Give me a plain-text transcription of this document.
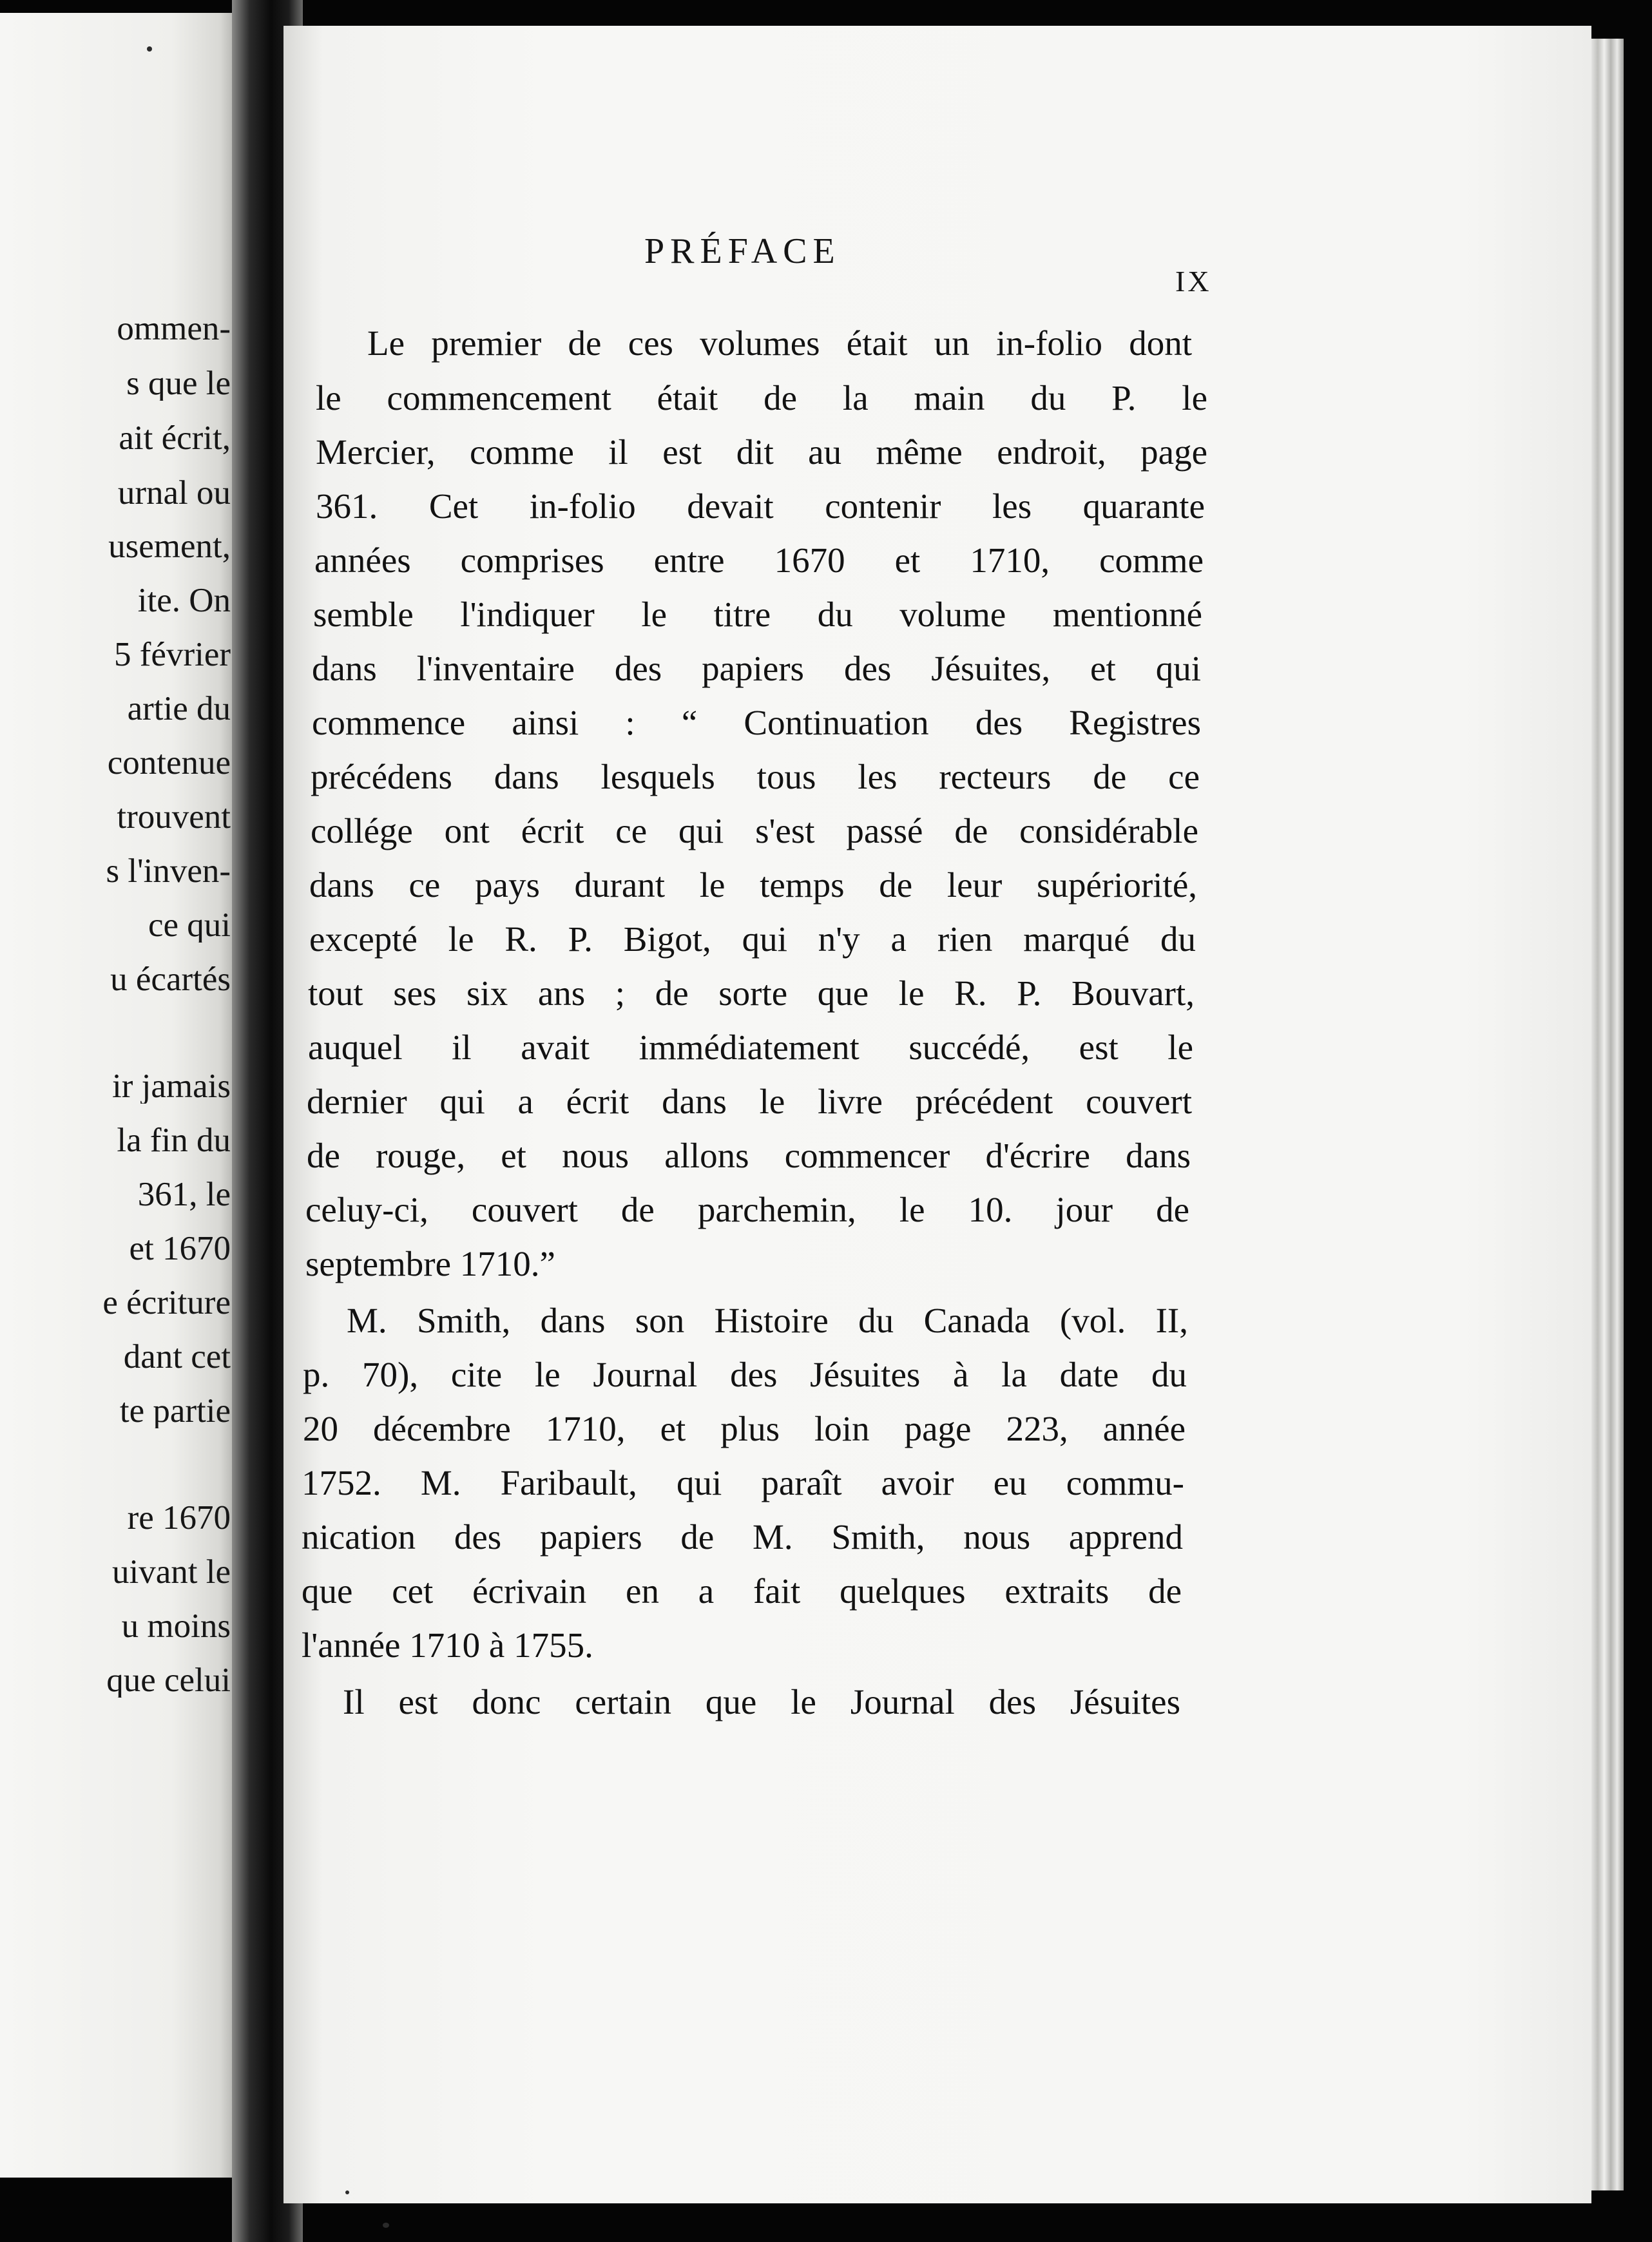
ommen-
s que le
ait écrit,
urnal ou
usement,
ite. On
5 février
artie du
contenue
trouvent
s l'inven-
ce qui
u écartés
ir jamais
la fin du
361, le
et 1670
e écriture
dant cet
te partie
re 1670
uivant le
u moins
que celui
PRÉFACE
IX
Le premier de ces volumes était un in-folio dont
le commencement était de la main du P. le
Mercier, comme il est dit au même endroit, page
361. Cet in-folio devait contenir les quarante
années comprises entre 1670 et 1710, comme
semble l'indiquer le titre du volume mentionné
dans l'inventaire des papiers des Jésuites, et qui
commence ainsi : “ Continuation des Registres
précédens dans lesquels tous les recteurs de ce
collége ont écrit ce qui s'est passé de considérable
dans ce pays durant le temps de leur supériorité,
excepté le R. P. Bigot, qui n'y a rien marqué du
tout ses six ans ; de sorte que le R. P. Bouvart,
auquel il avait immédiatement succédé, est le
dernier qui a écrit dans le livre précédent couvert
de rouge, et nous allons commencer d'écrire dans
celuy-ci, couvert de parchemin, le 10. jour de
septembre 1710.”
M. Smith, dans son Histoire du Canada (vol. II,
p. 70), cite le Journal des Jésuites à la date du
20 décembre 1710, et plus loin page 223, année
1752. M. Faribault, qui paraît avoir eu commu-
nication des papiers de M. Smith, nous apprend
que cet écrivain en a fait quelques extraits de
l'année 1710 à 1755.
Il est donc certain que le Journal des Jésuites
